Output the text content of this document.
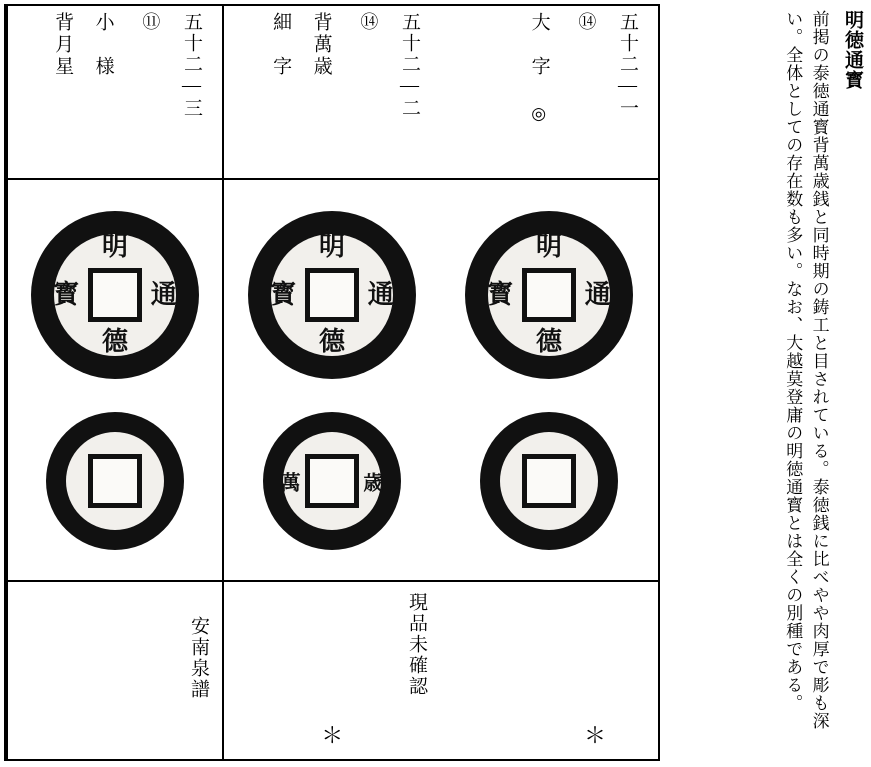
明徳通寳
前掲の泰徳通寳背萬歳銭と同時期の鋳工と目されている。泰徳銭に比べやや肉厚で彫も深い。全体としての存在数も多い。なお、大越莫登庸の明徳通寳とは全くの別種である。
五十二―一
⑭
大　字 ◎
五十二―二
⑭
背萬歳
細　字
五十二―三
⑪
小　様
背月星
明
通
德
寳
明
通
德
寳
萬	歳
明
通
德
寳
＊
現品未確認
＊
安南泉譜
